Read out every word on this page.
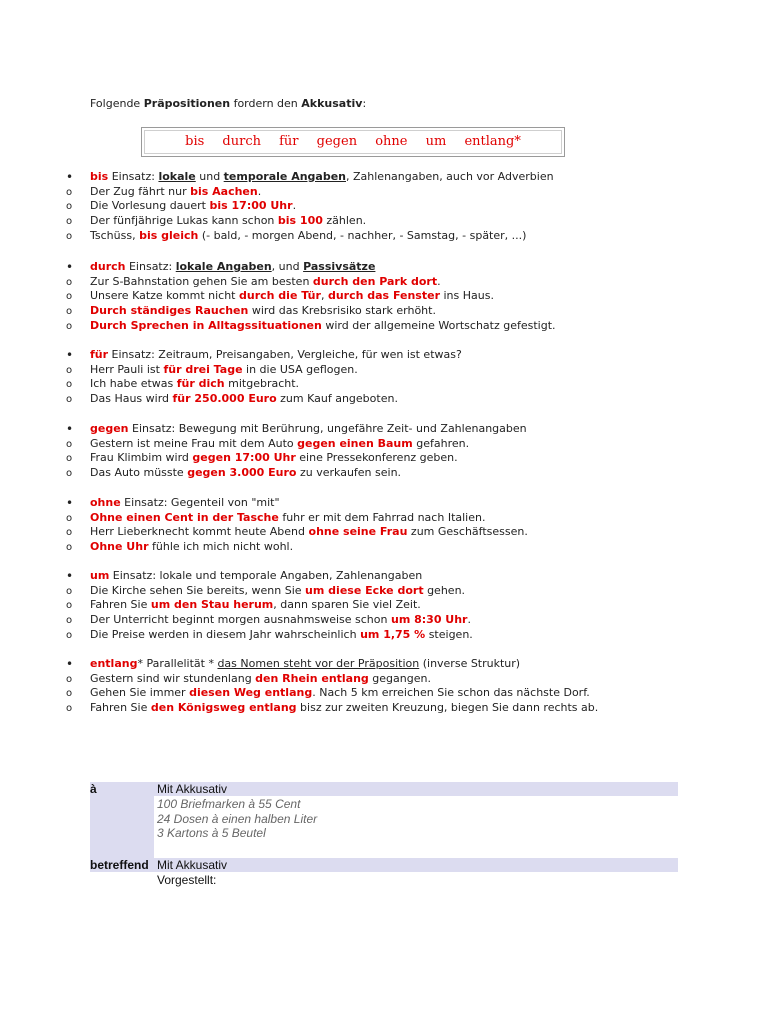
Folgende Präpositionen fordern den Akkusativ:
bis durch für gegen ohne um entlang*
•
bis Einsatz: lokale und temporale Angaben, Zahlenangaben, auch vor Adverbien
o
Der Zug fährt nur bis Aachen.
o
Die Vorlesung dauert bis 17:00 Uhr.
o
Der fünfjährige Lukas kann schon bis 100 zählen.
o
Tschüss, bis gleich (- bald, - morgen Abend, - nachher, - Samstag, - später, ...)
•
durch Einsatz: lokale Angaben, und Passivsätze
o
Zur S-Bahnstation gehen Sie am besten durch den Park dort.
o
Unsere Katze kommt nicht durch die Tür, durch das Fenster ins Haus.
o
Durch ständiges Rauchen wird das Krebsrisiko stark erhöht.
o
Durch Sprechen in Alltagssituationen wird der allgemeine Wortschatz gefestigt.
•
für Einsatz: Zeitraum, Preisangaben, Vergleiche, für wen ist etwas?
o
Herr Pauli ist für drei Tage in die USA geflogen.
o
Ich habe etwas für dich mitgebracht.
o
Das Haus wird für 250.000 Euro zum Kauf angeboten.
•
gegen Einsatz: Bewegung mit Berührung, ungefähre Zeit- und Zahlenangaben
o
Gestern ist meine Frau mit dem Auto gegen einen Baum gefahren.
o
Frau Klimbim wird gegen 17:00 Uhr eine Pressekonferenz geben.
o
Das Auto müsste gegen 3.000 Euro zu verkaufen sein.
•
ohne Einsatz: Gegenteil von "mit"
o
Ohne einen Cent in der Tasche fuhr er mit dem Fahrrad nach Italien.
o
Herr Lieberknecht kommt heute Abend ohne seine Frau zum Geschäftsessen.
o
Ohne Uhr fühle ich mich nicht wohl.
•
um Einsatz: lokale und temporale Angaben, Zahlenangaben
o
Die Kirche sehen Sie bereits, wenn Sie um diese Ecke dort gehen.
o
Fahren Sie um den Stau herum, dann sparen Sie viel Zeit.
o
Der Unterricht beginnt morgen ausnahmsweise schon um 8:30 Uhr.
o
Die Preise werden in diesem Jahr wahrscheinlich um 1,75 % steigen.
•
entlang* Parallelität * das Nomen steht vor der Präposition (inverse Struktur)
o
Gestern sind wir stundenlang den Rhein entlang gegangen.
o
Gehen Sie immer diesen Weg entlang. Nach 5 km erreichen Sie schon das nächste Dorf.
o
Fahren Sie den Königsweg entlang bisz zur zweiten Kreuzung, biegen Sie dann rechts ab.
à	Mit Akkusativ
100 Briefmarken à 55 Cent
24 Dosen à einen halben Liter
3 Kartons à 5 Beutel
betreffend Mit Akkusativ
Vorgestellt:
